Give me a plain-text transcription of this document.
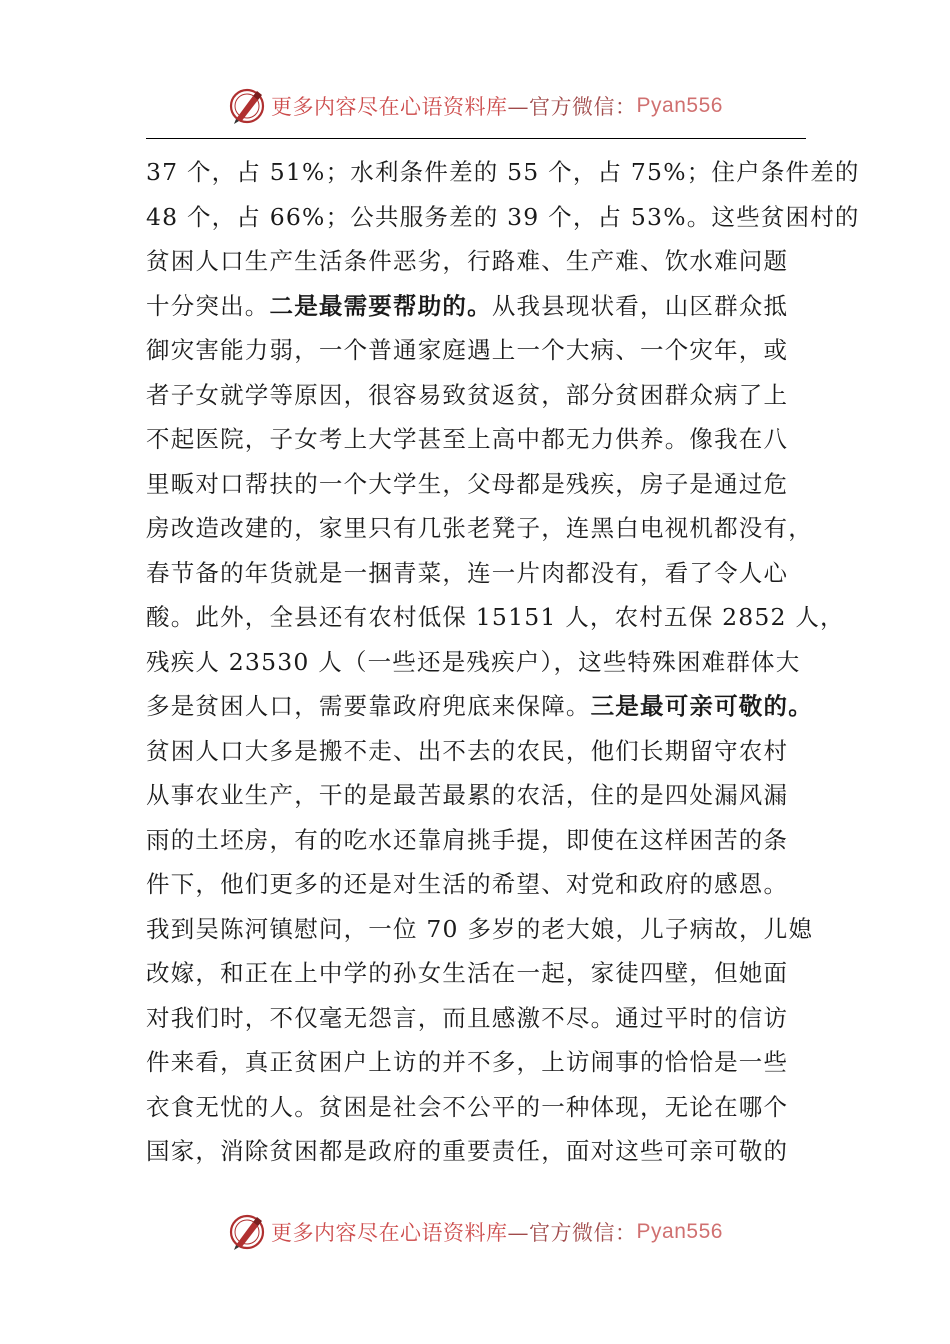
更多内容尽在心语资料库 —官方微信： Pyan556
37 个，占 51%；水利条件差的 55 个，占 75%；住户条件差的
48 个，占 66%；公共服务差的 39 个，占 53%。这些贫困村的
贫困人口生产生活条件恶劣，行路难、生产难、饮水难问题
十分突出。二是最需要帮助的。从我县现状看，山区群众抵
御灾害能力弱，一个普通家庭遇上一个大病、一个灾年，或
者子女就学等原因，很容易致贫返贫，部分贫困群众病了上
不起医院，子女考上大学甚至上高中都无力供养。像我在八
里畈对口帮扶的一个大学生，父母都是残疾，房子是通过危
房改造改建的，家里只有几张老凳子，连黑白电视机都没有，
春节备的年货就是一捆青菜，连一片肉都没有，看了令人心
酸。此外，全县还有农村低保 15151 人，农村五保 2852 人，
残疾人 23530 人（一些还是残疾户），这些特殊困难群体大
多是贫困人口，需要靠政府兜底来保障。三是最可亲可敬的。
贫困人口大多是搬不走、出不去的农民，他们长期留守农村
从事农业生产，干的是最苦最累的农活，住的是四处漏风漏
雨的土坯房，有的吃水还靠肩挑手提，即使在这样困苦的条
件下，他们更多的还是对生活的希望、对党和政府的感恩。
我到吴陈河镇慰问，一位 70 多岁的老大娘，儿子病故，儿媳
改嫁，和正在上中学的孙女生活在一起，家徒四壁，但她面
对我们时，不仅毫无怨言，而且感激不尽。通过平时的信访
件来看，真正贫困户上访的并不多，上访闹事的恰恰是一些
衣食无忧的人。贫困是社会不公平的一种体现，无论在哪个
国家，消除贫困都是政府的重要责任，面对这些可亲可敬的
更多内容尽在心语资料库 —官方微信： Pyan556
